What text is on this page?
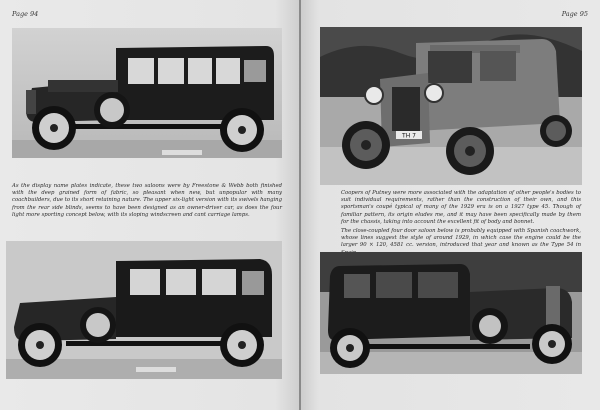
Page 94

As the display name plates indicate, these two saloons were by Freestone & Webb both finished with the deep grained form of fabric, so pleasant when new, but unpopular with many coachbuilders, due to its short retaining nature. The upper six-light version with its swivels hanging from the rear side blinds, seems to have been designed as an owner-driver car, as does the four light more sporting concept below, with its sloping windscreen and cant carriage lamps.

Page 95
TH 7

Coopers of Putney were more associated with the adaptation of other people's bodies to suit individual requirements, rather than the construction of their own, and this sportsman's coupé typical of many of the 1929 era is on a 1927 type 45. Though of familiar pattern, its origin eludes me, and it may have been specifically made by them for the chassis, taking into account the excellent fit of body and bonnet.

The close-coupled four door saloon below is probably equipped with Spanish coachwork, whose lines suggest the style of around 1929, in which case the engine could be the larger 90 × 120, 4581 cc. version, introduced that year and known as the Type 54 in
